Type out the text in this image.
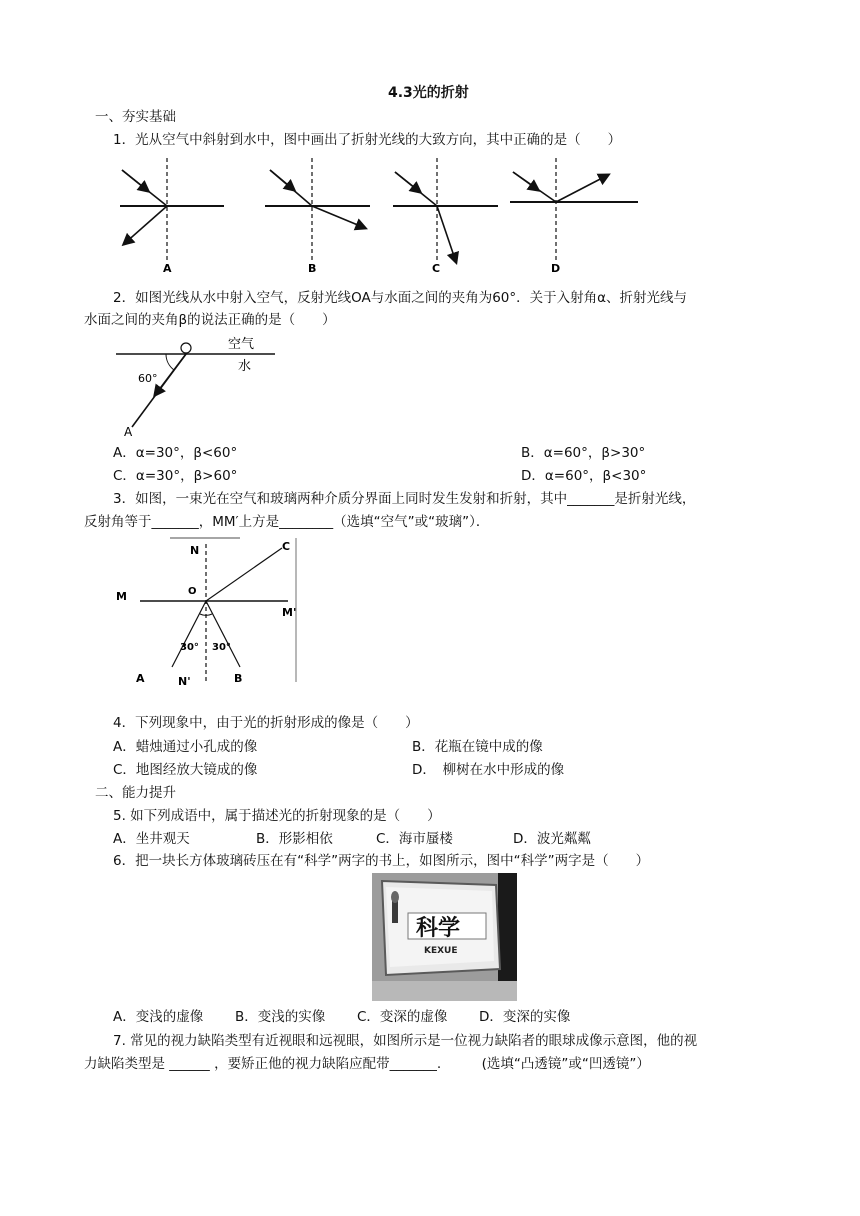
4.3光的折射
一、夯实基础
1．光从空气中斜射到水中，图中画出了折射光线的大致方向，其中正确的是（　　）
A	B	C	D
2．如图光线从水中射入空气，反射光线OA与水面之间的夹角为60°．关于入射角α、折射光线与
水面之间的夹角β的说法正确的是（　　）
O	空气
水
60°
A
A．α=30°，β<60°	B．α=60°，β>30°
C．α=30°，β>60°	D．α=60°，β<30°
3．如图，一束光在空气和玻璃两种介质分界面上同时发生发射和折射，其中_______是折射光线，
反射角等于_______，MM′上方是________（选填“空气”或“玻璃”）．
N	C
M	O
M'
30° 30°
A	N'	B
4．下列现象中，由于光的折射形成的像是（　　）
A．蜡烛通过小孔成的像	B．花瓶在镜中成的像
C．地图经放大镜成的像	D．　柳树在水中形成的像
二、能力提升
5. 如下列成语中，属于描述光的折射现象的是（　　）
A．坐井观天	B．形影相依	C．海市蜃楼	D．波光粼粼
6．把一块长方体玻璃砖压在有“科学”两字的书上，如图所示，图中“科学”两字是（　　）
科学
KEXUE
A．变浅的虚像 B．变浅的实像 C．变深的虚像 D．变深的实像
7. 常见的视力缺陷类型有近视眼和远视眼，如图所示是一位视力缺陷者的眼球成像示意图，他的视
力缺陷类型是 ______ ，要矫正他的视力缺陷应配带_______.　　　(选填“凸透镜”或“凹透镜”）
